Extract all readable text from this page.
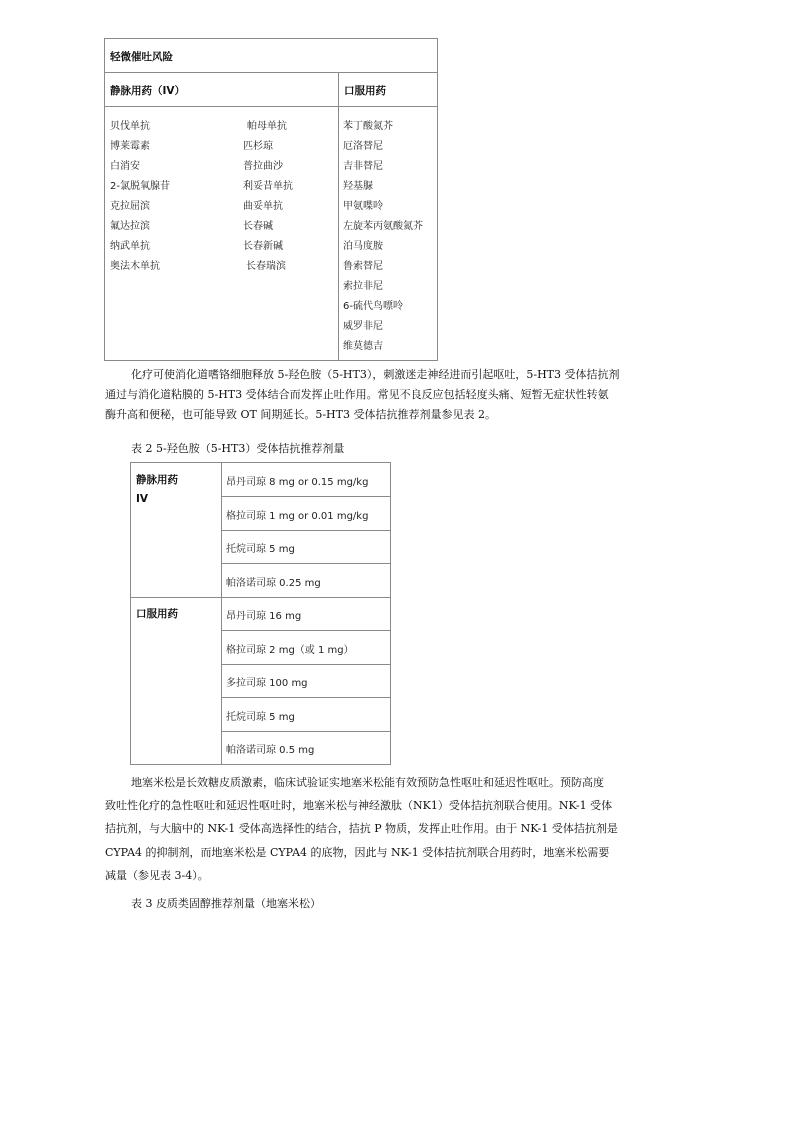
轻微催吐风险
静脉用药（IV）	口服用药
贝伐单抗
博莱霉素
白消安
2-氯脱氧腺苷
克拉屈滨
氟达拉滨
纳武单抗
奥法木单抗
帕母单抗
匹杉琼
普拉曲沙
利妥昔单抗
曲妥单抗
长春碱
长春新碱
长春瑞滨
苯丁酸氮芥
厄洛替尼
吉非替尼
羟基脲
甲氨喋呤
左旋苯丙氨酸氮芥
泊马度胺
鲁索替尼
索拉非尼
6-硫代鸟嘌呤
威罗非尼
维莫德吉
化疗可使消化道嗜铬细胞释放 5-羟色胺（5-HT3），刺激迷走神经进而引起呕吐，5-HT3 受体拮抗剂
通过与消化道粘膜的 5-HT3 受体结合而发挥止吐作用。常见不良反应包括轻度头痛、短暂无症状性转氨
酶升高和便秘，也可能导致 OT 间期延长。5-HT3 受体拮抗推荐剂量参见表 2。
表 2 5-羟色胺（5-HT3）受体拮抗推荐剂量
静脉用药
IV
口服用药
昂丹司琼 8 mg or 0.15 mg/kg
格拉司琼 1 mg or 0.01 mg/kg
托烷司琼 5 mg
帕洛诺司琼 0.25 mg
昂丹司琼 16 mg
格拉司琼 2 mg（或 1 mg）
多拉司琼 100 mg
托烷司琼 5 mg
帕洛诺司琼 0.5 mg
地塞米松是长效糖皮质激素，临床试验证实地塞米松能有效预防急性呕吐和延迟性呕吐。预防高度
致吐性化疗的急性呕吐和延迟性呕吐时，地塞米松与神经激肽（NK1）受体拮抗剂联合使用。NK-1 受体
拮抗剂，与大脑中的 NK-1 受体高选择性的结合，拮抗 P 物质，发挥止吐作用。由于 NK-1 受体拮抗剂是
CYPA4 的抑制剂，而地塞米松是 CYPA4 的底物，因此与 NK-1 受体拮抗剂联合用药时，地塞米松需要
减量（参见表 3-4）。
表 3 皮质类固醇推荐剂量（地塞米松）
